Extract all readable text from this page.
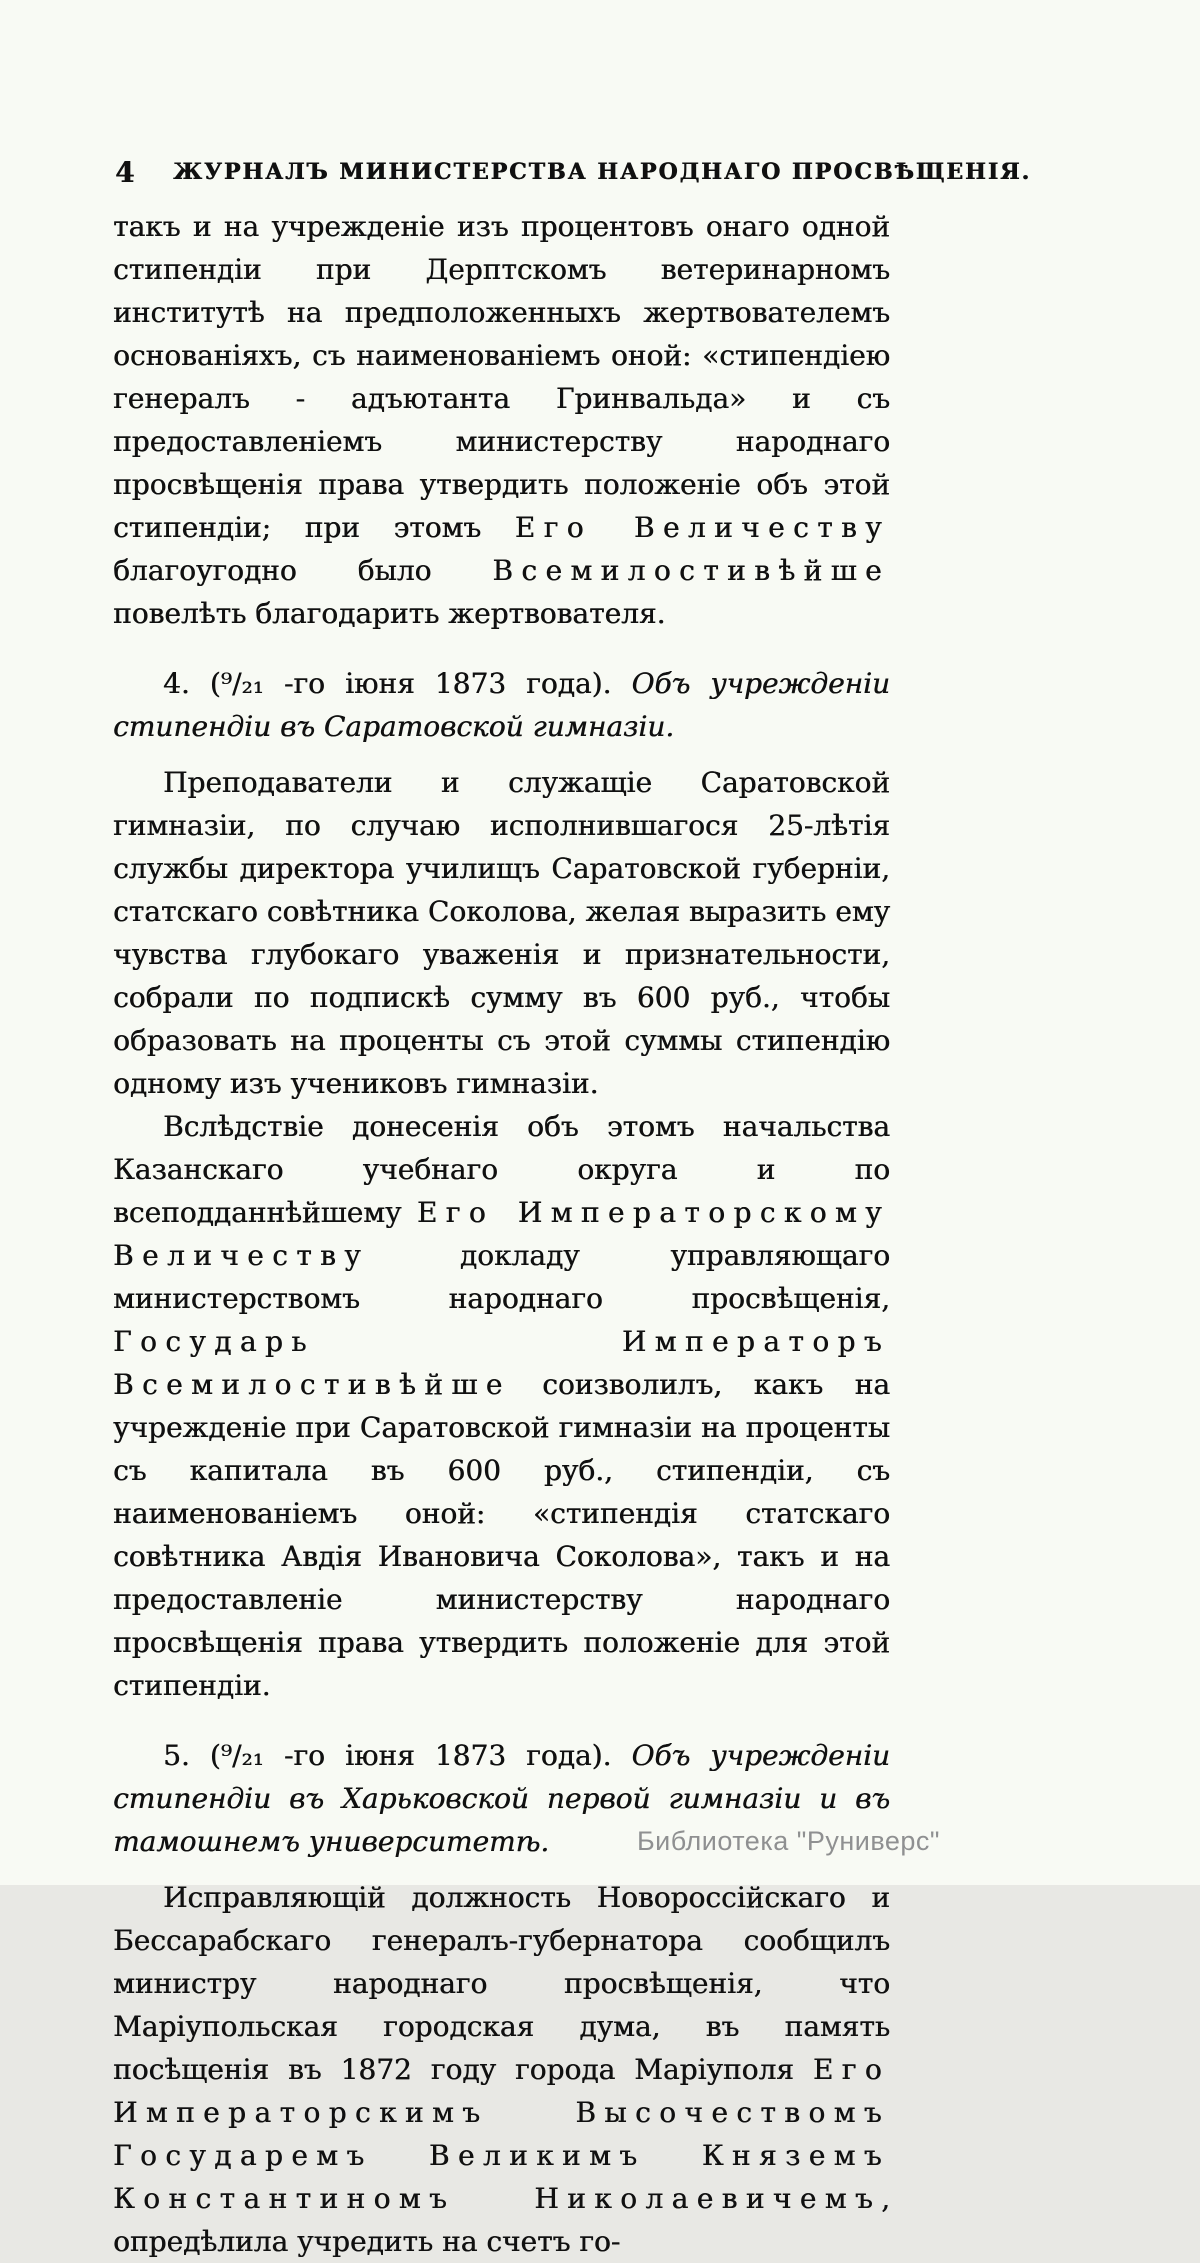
4 ЖУРНАЛЪ МИНИСТЕРСТВА НАРОДНАГО ПРОСВѢЩЕНІЯ.

такъ и на учрежденіе изъ процентовъ онаго одной стипендіи при Дерптскомъ ветеринарномъ институтѣ на предположенныхъ жертвователемъ основаніяхъ, съ наименованіемъ оной: «стипендіею генералъ - адъютанта Гринвальда» и съ предоставленіемъ министерству народнаго просвѣщенія права утвердить положеніе объ этой стипендіи; при этомъ Его Величеству благоугодно было Всемилостивѣйше повелѣть благодарить жертвователя.

4. (⁹/₂₁ -го іюня 1873 года). Объ учрежденіи стипендіи въ Саратовской гимназіи.

Преподаватели и служащіе Саратовской гимназіи, по случаю исполнившагося 25-лѣтія службы директора училищъ Саратовской губерніи, статскаго совѣтника Соколова, желая выразить ему чувства глубокаго уваженія и признательности, собрали по подпискѣ сумму въ 600 руб., чтобы образовать на проценты съ этой суммы стипендію одному изъ учениковъ гимназіи.

Вслѣдствіе донесенія объ этомъ начальства Казанскаго учебнаго округа и по всеподданнѣйшему Его Императорскому Величеству докладу управляющаго министерствомъ народнаго просвѣщенія, Государь Императоръ Всемилостивѣйше соизволилъ, какъ на учрежденіе при Саратовской гимназіи на проценты съ капитала въ 600 руб., стипендіи, съ наименованіемъ оной: «стипендія статскаго совѣтника Авдія Ивановича Соколова», такъ и на предоставленіе министерству народнаго просвѣщенія права утвердить положеніе для этой стипендіи.

5. (⁹/₂₁ -го іюня 1873 года). Объ учрежденіи стипендіи въ Харьковской первой гимназіи и въ тамошнемъ университетѣ.

Исправляющій должность Новороссійскаго и Бессарабскаго генералъ-губернатора сообщилъ министру народнаго просвѣщенія, что Маріупольская городская дума, въ память посѣщенія въ 1872 году города Маріуполя Его Императорскимъ Высочествомъ Государемъ Великимъ Княземъ Константиномъ Николаевичемъ, опредѣлила учредить на счетъ го-

Библиотека "Руниверс"
